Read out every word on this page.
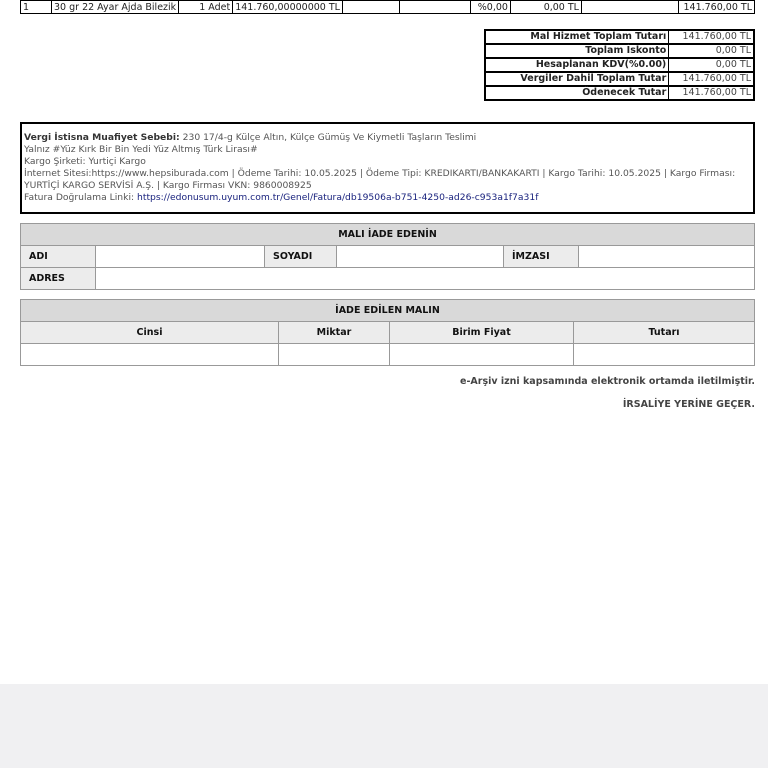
1	30 gr 22 Ayar Ajda Bilezik	1 Adet	141.760,00000000 TL			%0,00	0,00 TL		141.760,00 TL
Mal Hizmet Toplam Tutarı	141.760,00 TL
Toplam İskonto	0,00 TL
Hesaplanan KDV(%0.00)	0,00 TL
Vergiler Dahil Toplam Tutar	141.760,00 TL
Ödenecek Tutar	141.760,00 TL
Vergi İstisna Muafiyet Sebebi: 230 17/4-g Külçe Altın, Külçe Gümüş Ve Kiymetli Taşların Teslimi
Yalnız #Yüz Kırk Bir Bin Yedi Yüz Altmış Türk Lirası#
Kargo Şirketi: Yurtiçi Kargo
İnternet Sitesi:https://www.hepsiburada.com | Ödeme Tarihi: 10.05.2025 | Ödeme Tipi: KREDIKARTI/BANKAKARTI | Kargo Tarihi: 10.05.2025 | Kargo Firması:
YURTİÇİ KARGO SERVİSİ A.Ş. | Kargo Firması VKN: 9860008925
Fatura Doğrulama Linki: https://edonusum.uyum.com.tr/Genel/Fatura/db19506a-b751-4250-ad26-c953a1f7a31f
MALI İADE EDENİN					
ADI		SOYADI		İMZASI	
ADRES					
İADE EDİLEN MALIN			
Cinsi	Miktar	Birim Fiyat	Tutarı

e-Arşiv izni kapsamında elektronik ortamda iletilmiştir.
İRSALİYE YERİNE GEÇER.
